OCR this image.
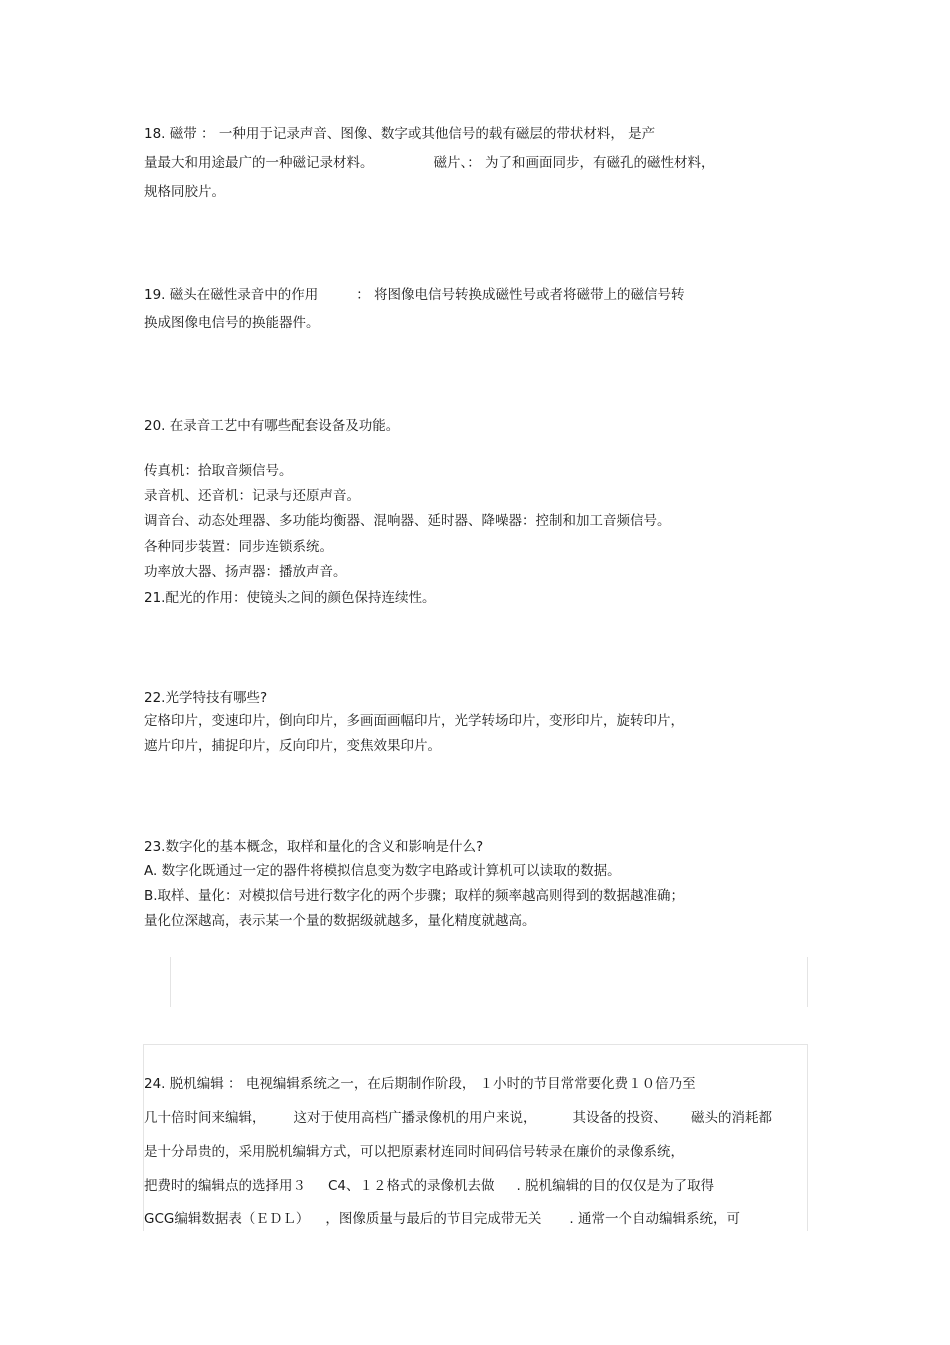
18. 磁带 ： 一种用于记录声音、图像、数字或其他信号的载有磁层的带状材料， 是产

量最大和用途最广的一种磁记录材料。	磁片、： 为了和画面同步，有磁孔的磁性材料，

规格同胶片。

19. 磁头在磁性录音中的作用	： 将图像电信号转换成磁性号或者将磁带上的磁信号转

换成图像电信号的换能器件。

20. 在录音工艺中有哪些配套设备及功能。

传真机：拾取音频信号。

录音机、还音机：记录与还原声音。

调音台、动态处理器、多功能均衡器、混响器、延时器、降噪器：控制和加工音频信号。

各种同步装置：同步连锁系统。

功率放大器、扬声器：播放声音。

21.配光的作用：使镜头之间的颜色保持连续性。

22.光学特技有哪些?

定格印片，变速印片，倒向印片，多画面画幅印片，光学转场印片，变形印片，旋转印片，

遮片印片，捕捉印片，反向印片，变焦效果印片。

23.数字化的基本概念，取样和量化的含义和影响是什么?

A. 数字化既通过一定的器件将模拟信息变为数字电路或计算机可以读取的数据。

B.取样、量化：对模拟信号进行数字化的两个步骤；取样的频率越高则得到的数据越准确；

量化位深越高，表示某一个量的数据级就越多，量化精度就越高。

24. 脱机编辑 ： 电视编辑系统之一，在后期制作阶段， １小时的节目常常要化费１０倍乃至

几十倍时间来编辑， 这对于使用高档广播录像机的用户来说，	其设备的投资、 磁头的消耗都

是十分昂贵的，采用脱机编辑方式，可以把原素材连同时间码信号转录在廉价的录像系统，

把费时的编辑点的选择用３ C4、１２格式的录像机去做 . 脱机编辑的目的仅仅是为了取得

GCG编辑数据表（ＥＤＬ） ，图像质量与最后的节目完成带无关 . 通常一个自动编辑系统，可
